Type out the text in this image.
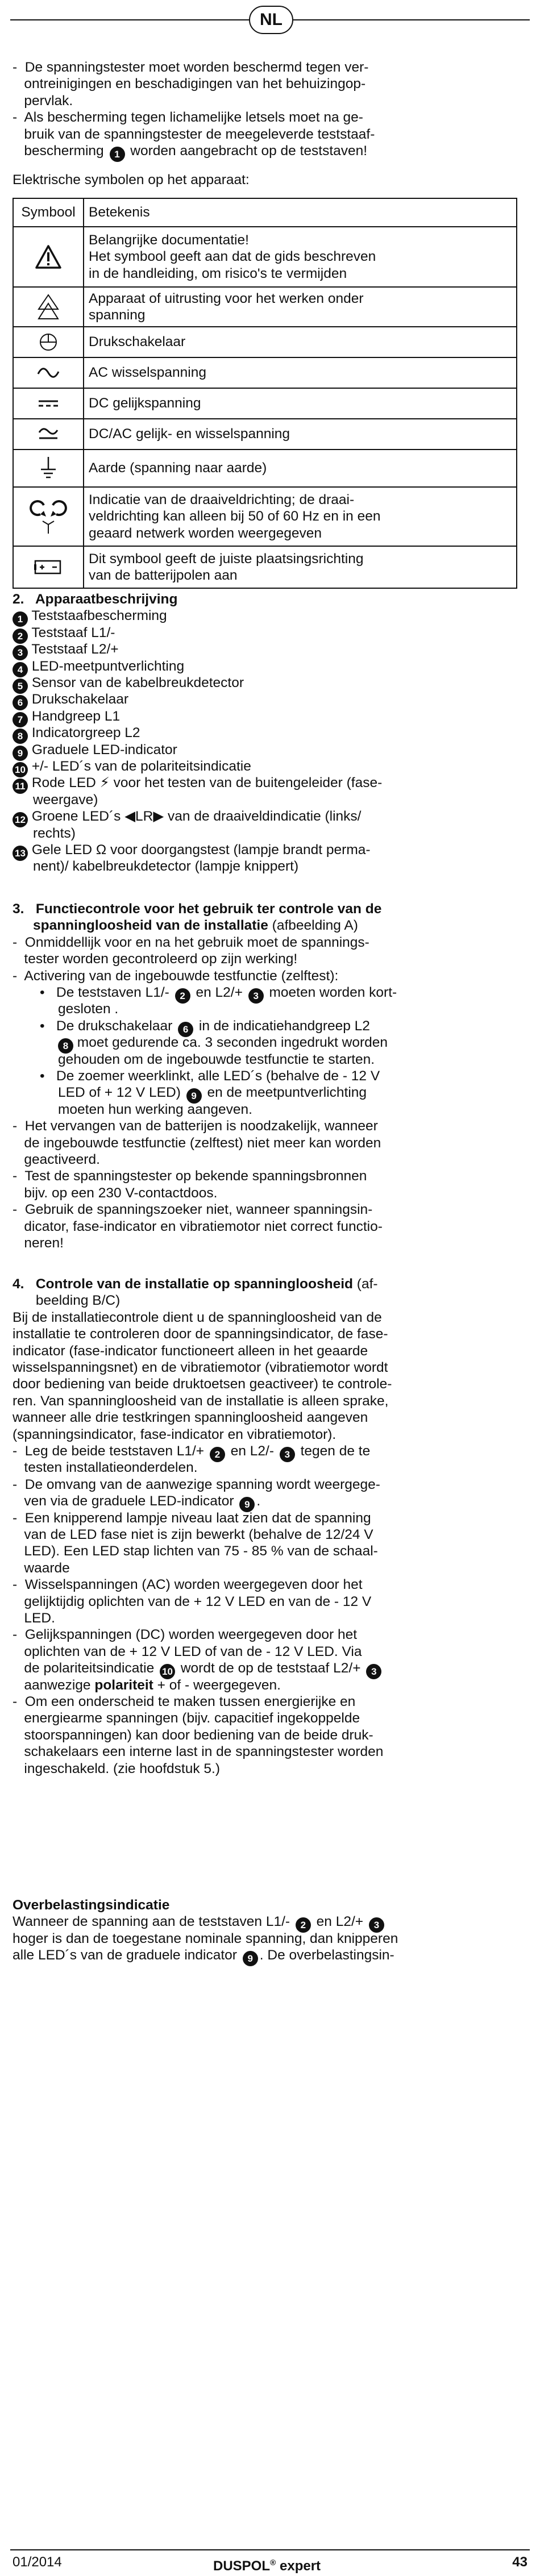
NL
-  De spanningstester moet worden beschermd tegen ver-
ontreinigingen en beschadigingen van het behuizingop-
pervlak.
-  Als bescherming tegen lichamelijke letsels moet na ge-
bruik van de spanningstester de meegeleverde teststaaf-
bescherming 1 worden aangebracht op de teststaven!
Elektrische symbolen op het apparaat:
Symbool	Betekenis

	Belangrijke documentatie!
Het symbool geeft aan dat de gids beschreven
in de handleiding, om risico's te vermijden

	Apparaat of uitrusting voor het werken onder
spanning

	Drukschakelaar

	AC wisselspanning

	DC gelijkspanning

	DC/AC gelijk- en wisselspanning

	Aarde (spanning naar aarde)

	Indicatie van de draaiveldrichting; de draai-
veldrichting kan alleen bij 50 of 60 Hz en in een
geaard netwerk worden weergegeven

	Dit symbool geeft de juiste plaatsingsrichting
van de batterijpolen aan
2.   Apparaatbeschrijving
1 Teststaafbescherming
2 Teststaaf L1/-
3 Teststaaf L2/+
4 LED-meetpuntverlichting
5 Sensor van de kabelbreukdetector
6 Drukschakelaar
7 Handgreep L1
8 Indicatorgreep L2
9 Graduele LED-indicator
10 +/- LED´s van de polariteitsindicatie
11 Rode LED ⚡ voor het testen van de buitengeleider (fase-
weergave)
12 Groene LED´s ◀LR▶ van de draaiveldindicatie (links/
rechts)
13 Gele LED Ω voor doorgangstest (lampje brandt perma-
nent)/ kabelbreukdetector (lampje knippert)
3.   Functiecontrole voor het gebruik ter controle van de
spanningloosheid van de installatie (afbeelding A)
-  Onmiddellijk voor en na het gebruik moet de spannings-
tester worden gecontroleerd op zijn werking!
-  Activering van de ingebouwde testfunctie (zelftest):
•   De teststaven L1/- 2 en L2/+ 3 moeten worden kort-
gesloten .
•   De drukschakelaar 6 in de indicatiehandgreep L2
8 moet gedurende ca. 3 seconden ingedrukt worden
gehouden om de ingebouwde testfunctie te starten.
•   De zoemer weerklinkt, alle LED´s (behalve de - 12 V
LED of + 12 V LED) 9 en de meetpuntverlichting
moeten hun werking aangeven.
-  Het vervangen van de batterijen is noodzakelijk, wanneer
de ingebouwde testfunctie (zelftest) niet meer kan worden
geactiveerd.
-  Test de spanningstester op bekende spanningsbronnen
bijv. op een 230 V-contactdoos.
-  Gebruik de spanningszoeker niet, wanneer spanningsin-
dicator, fase-indicator en vibratiemotor niet correct functio-
neren!
4.   Controle van de installatie op spanningloosheid (af-
beelding B/C)
Bij de installatiecontrole dient u de spanningloosheid van de
installatie te controleren door de spanningsindicator, de fase-
indicator (fase-indicator functioneert alleen in het geaarde
wisselspanningsnet) en de vibratiemotor (vibratiemotor wordt
door bediening van beide druktoetsen geactiveer) te controle-
ren. Van spanningloosheid van de installatie is alleen sprake,
wanneer alle drie testkringen spanningloosheid aangeven
(spanningsindicator, fase-indicator en vibratiemotor).
-  Leg de beide teststaven L1/+ 2 en L2/- 3 tegen de te
testen installatieonderdelen.
-  De omvang van de aanwezige spanning wordt weergege-
ven via de graduele LED-indicator 9 .
-  Een knipperend lampje niveau laat zien dat de spanning
van de LED fase niet is zijn bewerkt (behalve de 12/24 V
LED). Een LED stap lichten van 75 - 85 % van de schaal-
waarde
-  Wisselspanningen (AC) worden weergegeven door het
gelijktijdig oplichten van de + 12 V LED en van de - 12 V
LED.
-  Gelijkspanningen (DC) worden weergegeven door het
oplichten van de + 12 V LED of van de - 12 V LED. Via
de polariteitsindicatie 10 wordt de op de teststaaf L2/+ 3
aanwezige polariteit + of - weergegeven.
-  Om een onderscheid te maken tussen energierijke en
energiearme spanningen (bijv. capacitief ingekoppelde
stoorspanningen) kan door bediening van de beide druk-
schakelaars een interne last in de spanningstester worden
ingeschakeld. (zie hoofdstuk 5.)
Overbelastingsindicatie
Wanneer de spanning aan de teststaven L1/- 2 en L2/+ 3
hoger is dan de toegestane nominale spanning, dan knipperen
alle LED´s van de graduele indicator 9 . De overbelastingsin-
01/2014	DUSPOL® expert	43
